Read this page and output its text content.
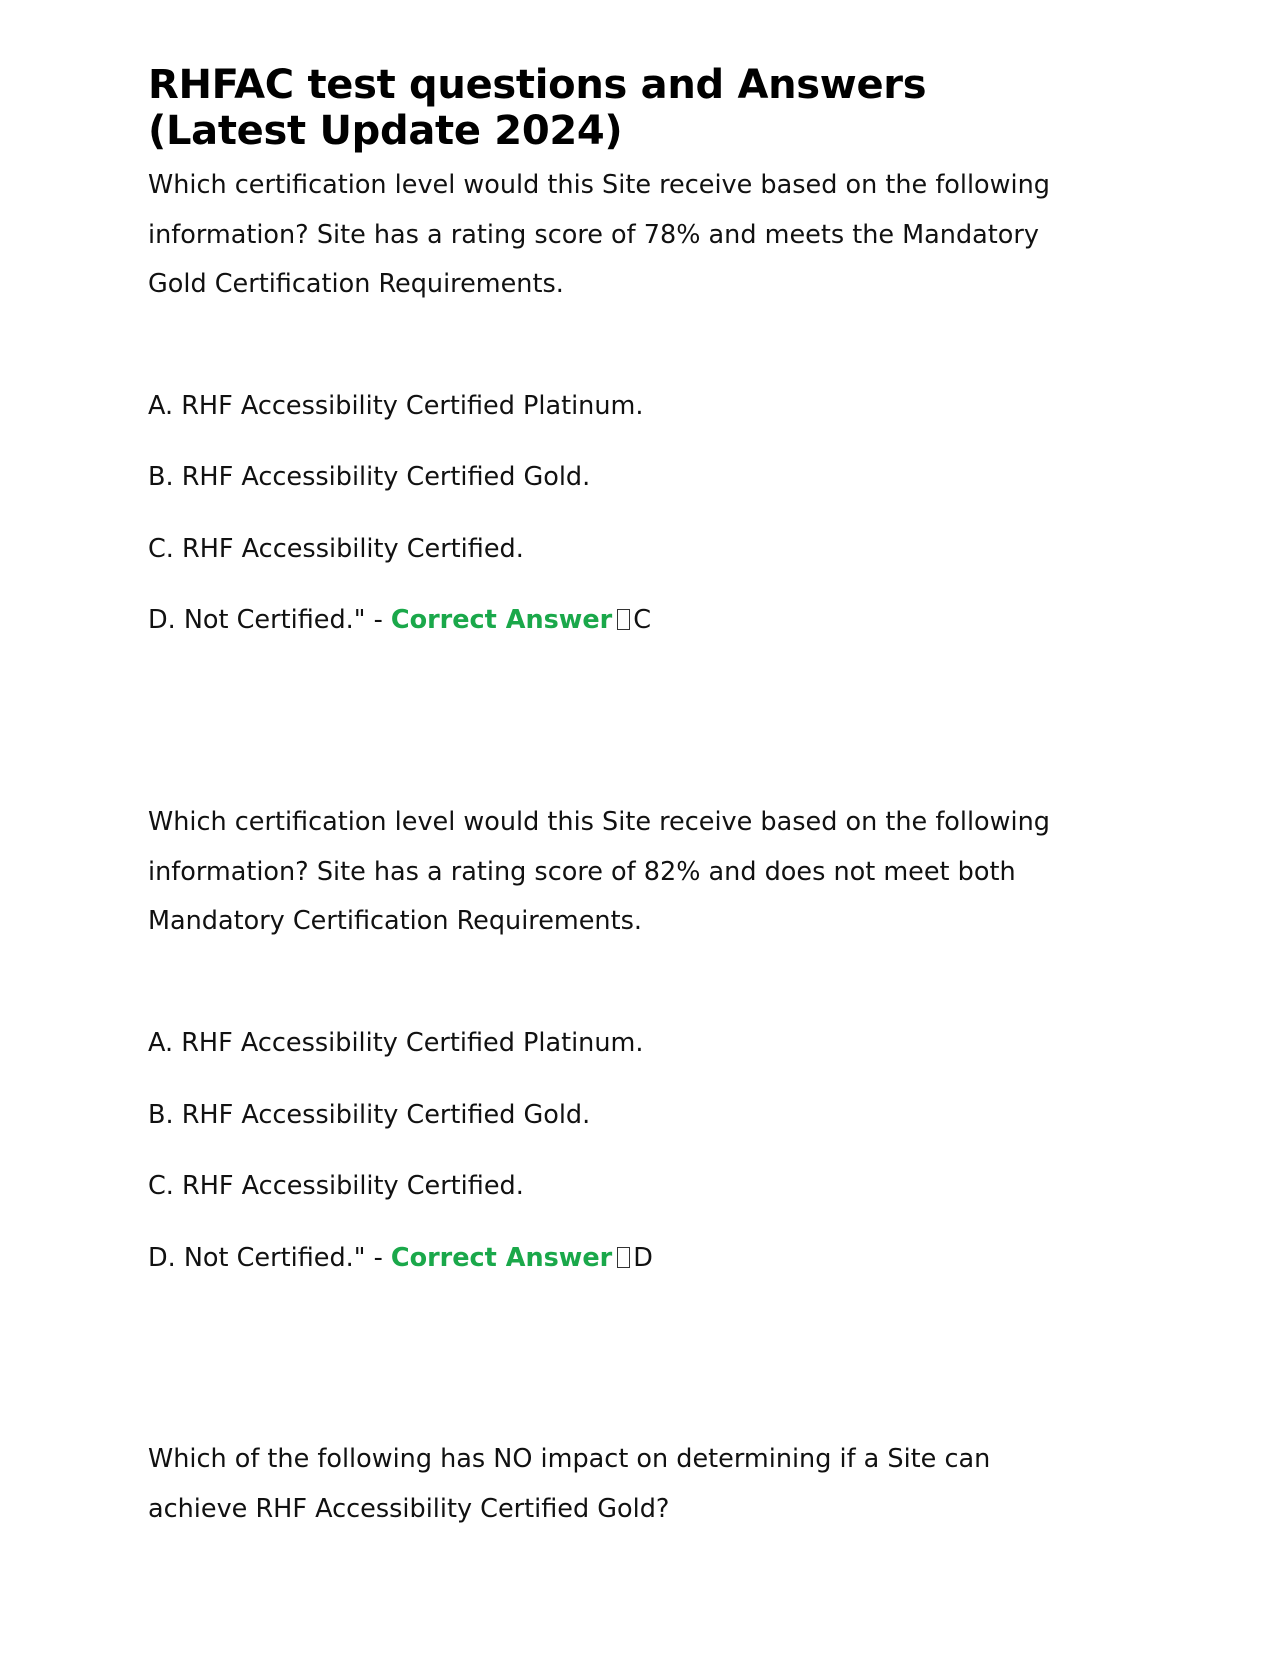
RHFAC test questions and Answers
(Latest Update 2024)

Which certification level would this Site receive based on the following information? Site has a rating score of 78% and meets the Mandatory Gold Certification Requirements.

A. RHF Accessibility Certified Platinum.
B. RHF Accessibility Certified Gold.
C. RHF Accessibility Certified.
D. Not Certified." - Correct Answer C

Which certification level would this Site receive based on the following information? Site has a rating score of 82% and does not meet both Mandatory Certification Requirements.

A. RHF Accessibility Certified Platinum.
B. RHF Accessibility Certified Gold.
C. RHF Accessibility Certified.
D. Not Certified." - Correct Answer D

Which of the following has NO impact on determining if a Site can achieve RHF Accessibility Certified Gold?
